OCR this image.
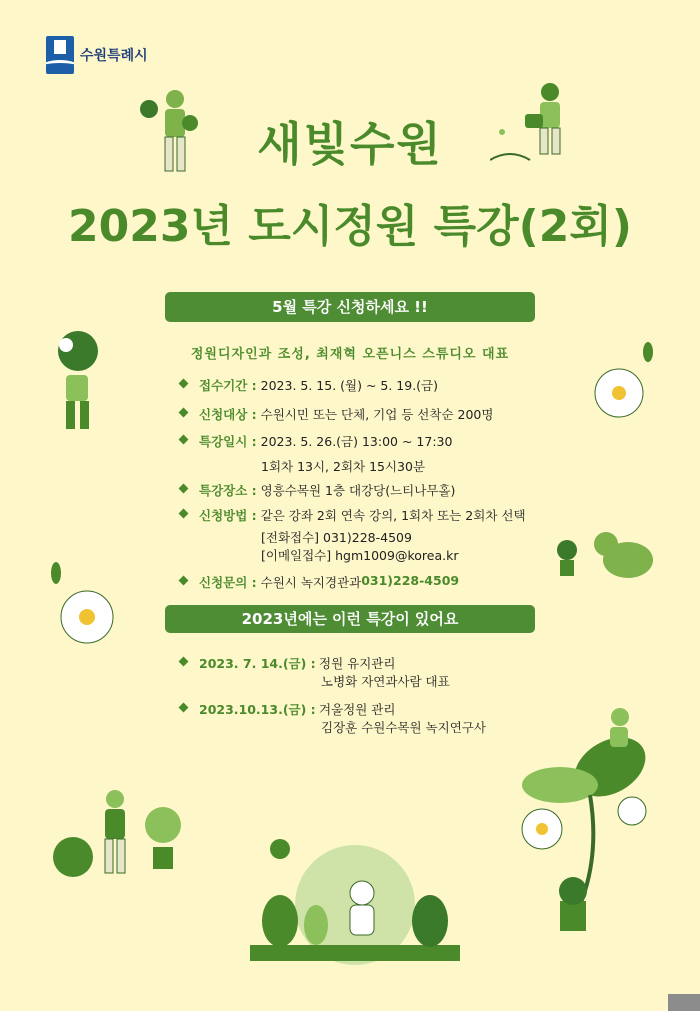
수원특례시
새빛수원
2023년 도시정원 특강(2회)
5월 특강 신청하세요 !!
정원디자인과 조성, 최재혁 오픈니스 스튜디오 대표
접수기간 :
2023. 5. 15. (월) ~ 5. 19.(금)
신청대상 :
수원시민 또는 단체, 기업 등 선착순 200명
특강일시 :
2023. 5. 26.(금) 13:00 ~ 17:30
1회차 13시, 2회차 15시30분
특강장소 :
영흥수목원 1층 대강당(느티나무홀)
신청방법 :
같은 강좌 2회 연속 강의, 1회차 또는 2회차 선택
[전화접수] 031)228-4509
[이메일접수] hgm1009@korea.kr
신청문의 :
수원시 녹지경관과 031)228-4509
2023년에는 이런 특강이 있어요
2023. 7. 14.(금) : 정원 유지관리
노병화 자연과사람 대표
2023.10.13.(금) : 겨울정원 관리
김장훈 수원수목원 녹지연구사
